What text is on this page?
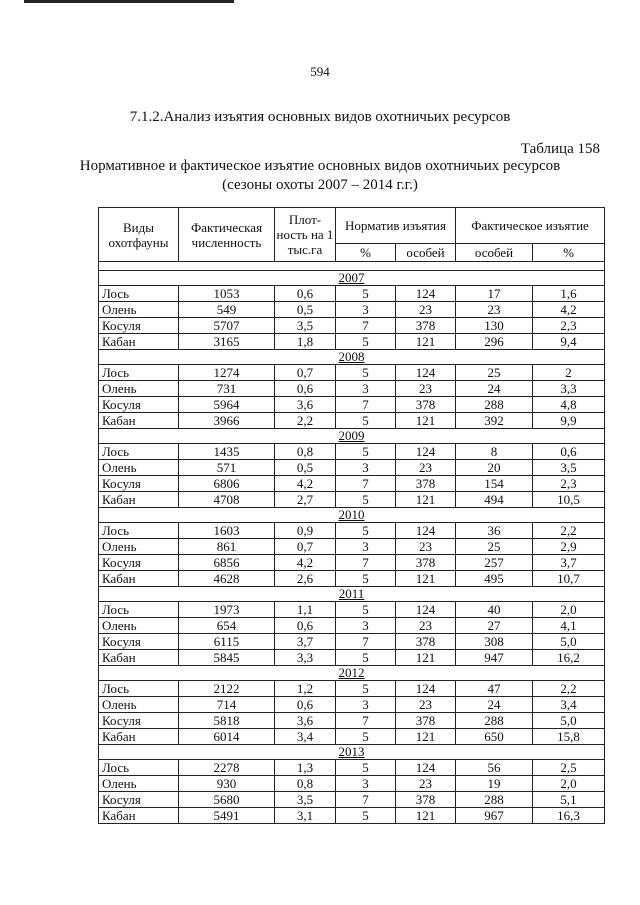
594
7.1.2.Анализ изъятия основных видов охотничьих ресурсов
Таблица 158
Нормативное и фактическое изъятие основных видов охотничьих ресурсов
(сезоны охоты 2007 – 2014 г.г.)
Виды охотфауны	Фактическая численность	Плот-ность на 1 тыс.га	Норматив изъятия		Фактическое изъятие	
			%	особей	особей	%

2007						
Лось	1053	0,6	5	124	17	1,6
Олень	549	0,5	3	23	23	4,2
Косуля	5707	3,5	7	378	130	2,3
Кабан	3165	1,8	5	121	296	9,4
2008						
Лось	1274	0,7	5	124	25	2
Олень	731	0,6	3	23	24	3,3
Косуля	5964	3,6	7	378	288	4,8
Кабан	3966	2,2	5	121	392	9,9
2009						
Лось	1435	0,8	5	124	8	0,6
Олень	571	0,5	3	23	20	3,5
Косуля	6806	4,2	7	378	154	2,3
Кабан	4708	2,7	5	121	494	10,5
2010						
Лось	1603	0,9	5	124	36	2,2
Олень	861	0,7	3	23	25	2,9
Косуля	6856	4,2	7	378	257	3,7
Кабан	4628	2,6	5	121	495	10,7
2011						
Лось	1973	1,1	5	124	40	2,0
Олень	654	0,6	3	23	27	4,1
Косуля	6115	3,7	7	378	308	5,0
Кабан	5845	3,3	5	121	947	16,2
2012						
Лось	2122	1,2	5	124	47	2,2
Олень	714	0,6	3	23	24	3,4
Косуля	5818	3,6	7	378	288	5,0
Кабан	6014	3,4	5	121	650	15,8
2013						
Лось	2278	1,3	5	124	56	2,5
Олень	930	0,8	3	23	19	2,0
Косуля	5680	3,5	7	378	288	5,1
Кабан	5491	3,1	5	121	967	16,3
